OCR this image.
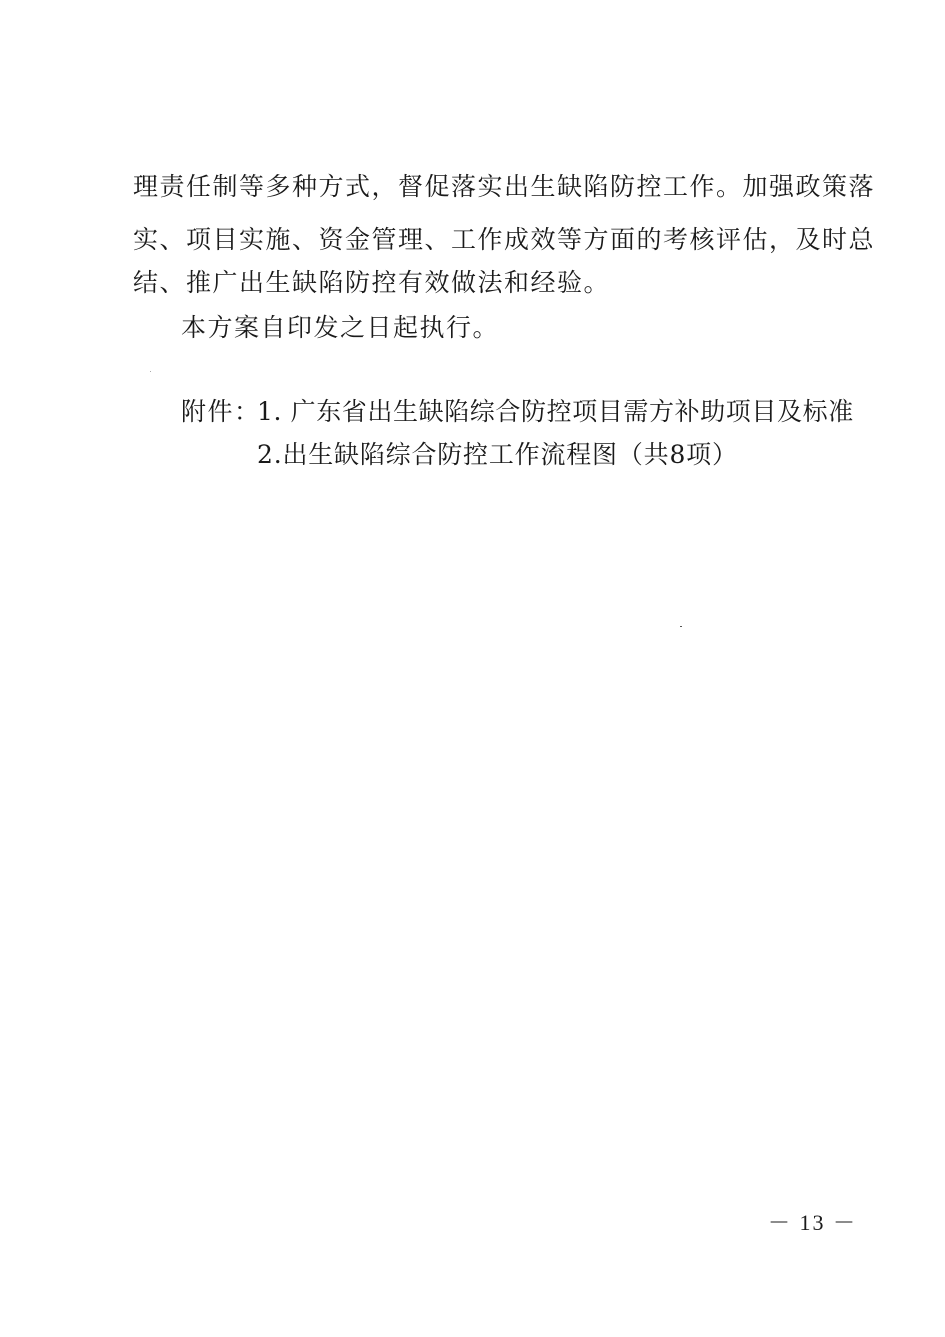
理责任制等多种方式，督促落实出生缺陷防控工作。加强政策落
实、项目实施、资金管理、工作成效等方面的考核评估，及时总
结、推广出生缺陷防控有效做法和经验。
本方案自印发之日起执行。
附件：
1. 广东省出生缺陷综合防控项目需方补助项目及标准
2.出生缺陷综合防控工作流程图（共8项）
－ 13 －
